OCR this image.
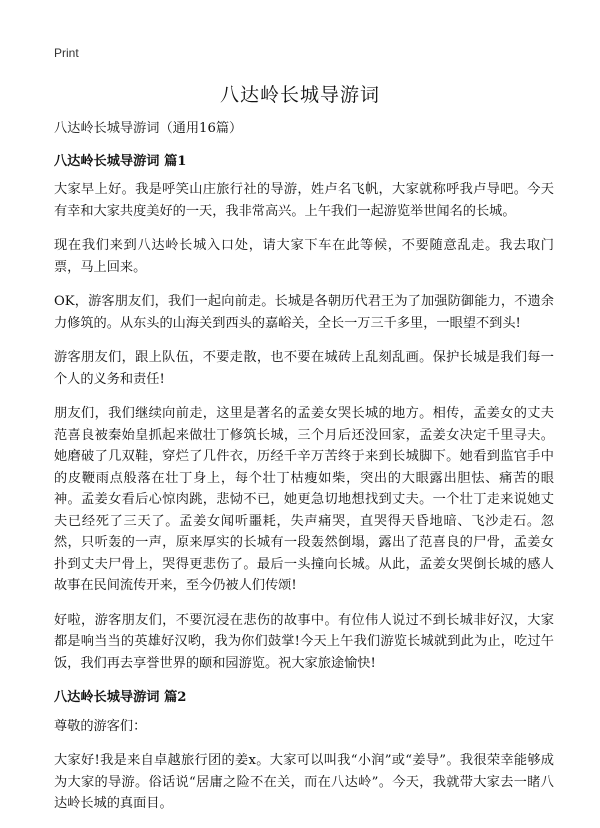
Print
八达岭长城导游词

八达岭长城导游词（通用16篇）

八达岭长城导游词 篇1

大家早上好。我是呼笑山庄旅行社的导游，姓卢名飞帆，大家就称呼我卢导吧。今天有幸和大家共度美好的一天，我非常高兴。上午我们一起游览举世闻名的长城。

现在我们来到八达岭长城入口处，请大家下车在此等候，不要随意乱走。我去取门票，马上回来。

OK，游客朋友们，我们一起向前走。长城是各朝历代君王为了加强防御能力，不遗余力修筑的。从东头的山海关到西头的嘉峪关，全长一万三千多里，一眼望不到头!

游客朋友们，跟上队伍，不要走散，也不要在城砖上乱刻乱画。保护长城是我们每一个人的义务和责任!

朋友们，我们继续向前走，这里是著名的孟姜女哭长城的地方。相传，孟姜女的丈夫范喜良被秦始皇抓起来做壮丁修筑长城，三个月后还没回家，孟姜女决定千里寻夫。她磨破了几双鞋，穿烂了几件衣，历经千辛万苦终于来到长城脚下。她看到监官手中的皮鞭雨点般落在壮丁身上，每个壮丁枯瘦如柴，突出的大眼露出胆怯、痛苦的眼神。孟姜女看后心惊肉跳，悲恸不已，她更急切地想找到丈夫。一个壮丁走来说她丈夫已经死了三天了。孟姜女闻听噩耗，失声痛哭，直哭得天昏地暗、飞沙走石。忽然，只听轰的一声，原来厚实的长城有一段轰然倒塌，露出了范喜良的尸骨，孟姜女扑到丈夫尸骨上，哭得更悲伤了。最后一头撞向长城。从此，孟姜女哭倒长城的感人故事在民间流传开来，至今仍被人们传颂!

好啦，游客朋友们，不要沉浸在悲伤的故事中。有位伟人说过不到长城非好汉，大家都是响当当的英雄好汉哟，我为你们鼓掌!今天上午我们游览长城就到此为止，吃过午饭，我们再去享誉世界的颐和园游览。祝大家旅途愉快!

八达岭长城导游词 篇2

尊敬的游客们：

大家好!我是来自卓越旅行团的姜x。大家可以叫我“小润”或“姜导”。我很荣幸能够成为大家的导游。俗话说“居庸之险不在关，而在八达岭”。今天，我就带大家去一睹八达岭长城的真面目。
